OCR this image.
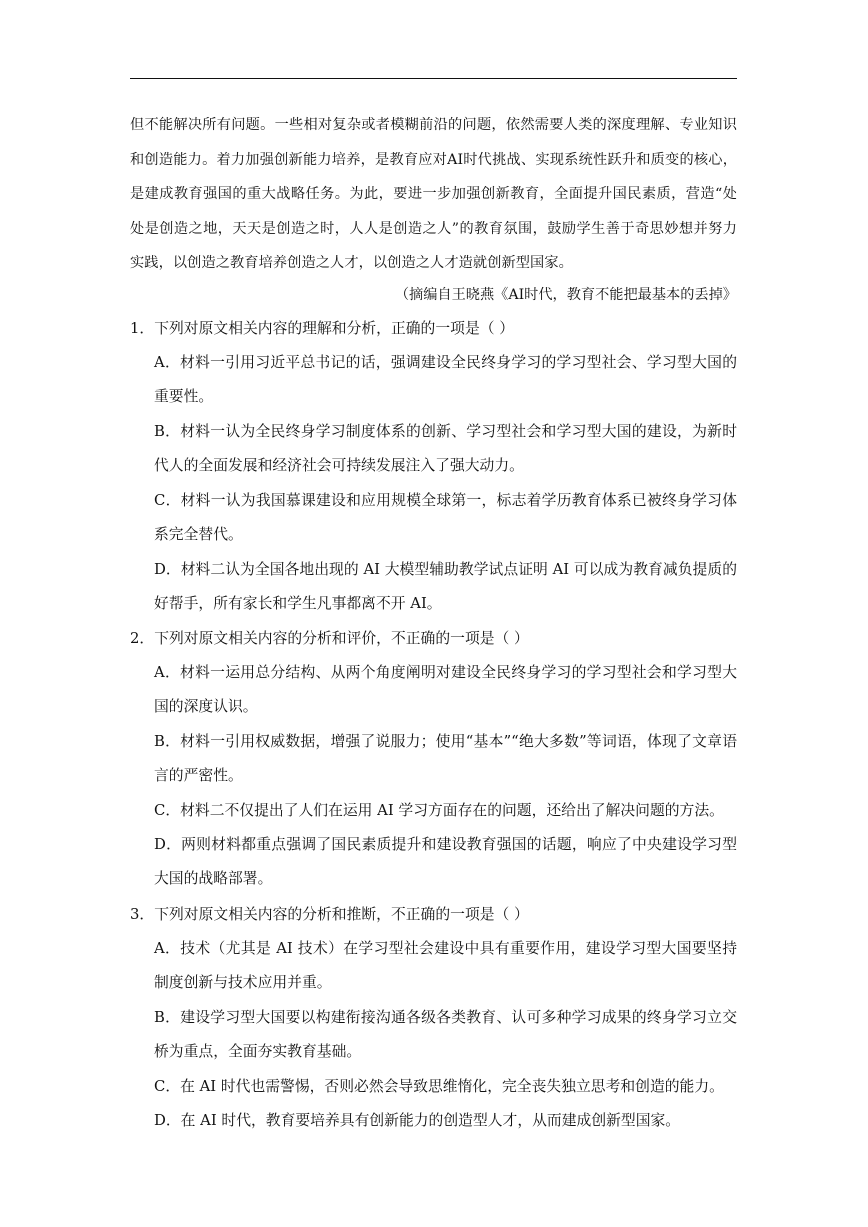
但不能解决所有问题。一些相对复杂或者模糊前沿的问题，依然需要人类的深度理解、专业知识和创造能力。着力加强创新能力培养，是教育应对AI时代挑战、实现系统性跃升和质变的核心，是建成教育强国的重大战略任务。为此，要进一步加强创新教育，全面提升国民素质，营造“处处是创造之地，天天是创造之时，人人是创造之人”的教育氛围，鼓励学生善于奇思妙想并努力实践，以创造之教育培养创造之人才，以创造之人才造就创新型国家。
（摘编自王晓燕《AI时代，教育不能把最基本的丢掉》
1．下列对原文相关内容的理解和分析，正确的一项是（ ）
A．材料一引用习近平总书记的话，强调建设全民终身学习的学习型社会、学习型大国的重要性。
B．材料一认为全民终身学习制度体系的创新、学习型社会和学习型大国的建设，为新时代人的全面发展和经济社会可持续发展注入了强大动力。
C．材料一认为我国慕课建设和应用规模全球第一，标志着学历教育体系已被终身学习体系完全替代。
D．材料二认为全国各地出现的 AI 大模型辅助教学试点证明 AI 可以成为教育减负提质的好帮手，所有家长和学生凡事都离不开 AI。
2．下列对原文相关内容的分析和评价，不正确的一项是（ ）
A．材料一运用总分结构、从两个角度阐明对建设全民终身学习的学习型社会和学习型大国的深度认识。
B．材料一引用权威数据，增强了说服力；使用“基本”“绝大多数”等词语，体现了文章语言的严密性。
C．材料二不仅提出了人们在运用 AI 学习方面存在的问题，还给出了解决问题的方法。
D．两则材料都重点强调了国民素质提升和建设教育强国的话题，响应了中央建设学习型大国的战略部署。
3．下列对原文相关内容的分析和推断，不正确的一项是（ ）
A．技术（尤其是 AI 技术）在学习型社会建设中具有重要作用，建设学习型大国要坚持制度创新与技术应用并重。
B．建设学习型大国要以构建衔接沟通各级各类教育、认可多种学习成果的终身学习立交桥为重点，全面夯实教育基础。
C．在 AI 时代也需警惕，否则必然会导致思维惰化，完全丧失独立思考和创造的能力。
D．在 AI 时代，教育要培养具有创新能力的创造型人才，从而建成创新型国家。
